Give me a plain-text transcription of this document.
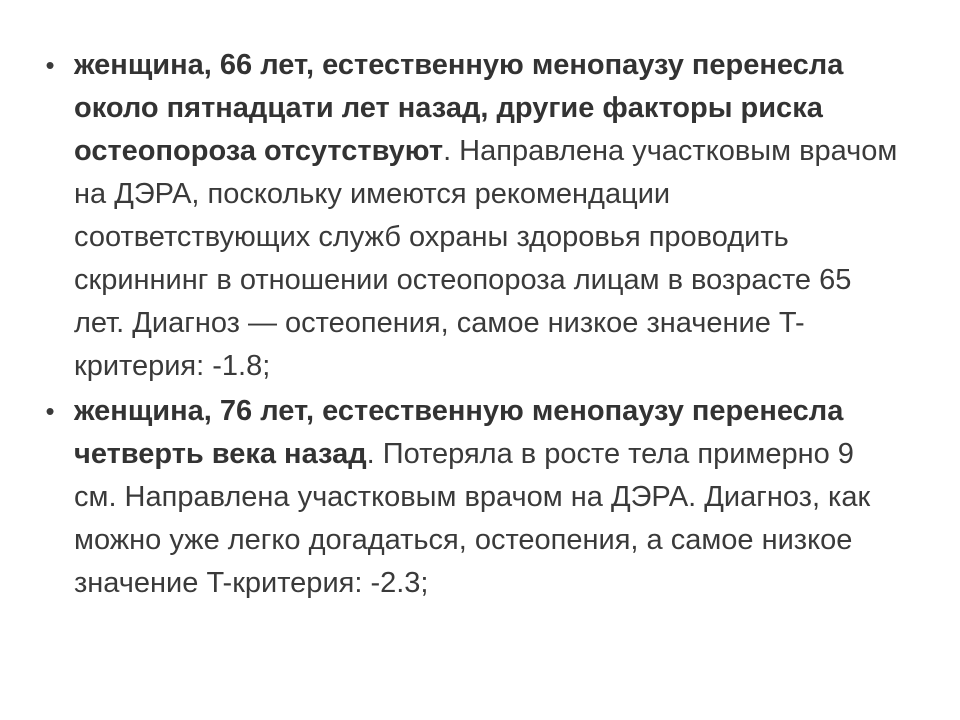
• женщина, 66 лет, естественную менопаузу перенесла около пятнадцати лет назад, другие факторы риска остеопороза отсутствуют. Направлена участковым врачом на ДЭРА, поскольку имеются рекомендации соответствующих служб охраны здоровья проводить скриннинг в отношении остеопороза лицам в возрасте 65 лет. Диагноз — остеопения, самое низкое значение T-критерия: -1.8;
• женщина, 76 лет, естественную менопаузу перенесла четверть века назад. Потеряла в росте тела примерно 9 см. Направлена участковым врачом на ДЭРА. Диагноз, как можно уже легко догадаться, остеопения, а самое низкое значение T-критерия: -2.3;
